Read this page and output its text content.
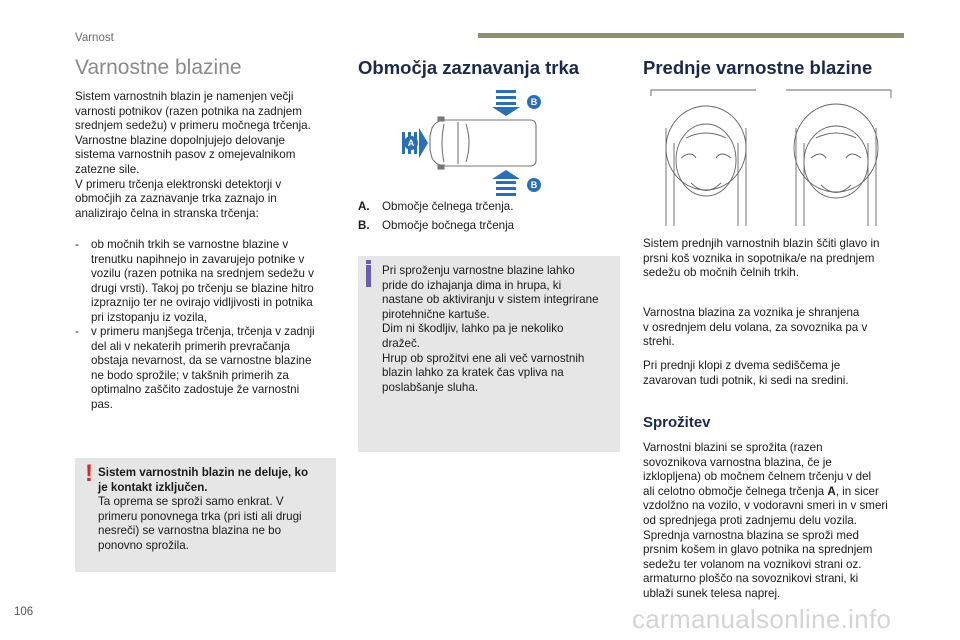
Varnost
Varnostne blazine

Sistem varnostnih blazin je namenjen večji
varnosti potnikov (razen potnika na zadnjem
srednjem sedežu) v primeru močnega trčenja.
Varnostne blazine dopolnjujejo delovanje
sistema varnostnih pasov z omejevalnikom
zatezne sile.
V primeru trčenja elektronski detektorji v
območjih za zaznavanje trka zaznajo in
analizirajo čelna in stranska trčenja:

- ob močnih trkih se varnostne blazine v
trenutku napihnejo in zavarujejo potnike v
vozilu (razen potnika na srednjem sedežu v
drugi vrsti). Takoj po trčenju se blazine hitro
izpraznijo ter ne ovirajo vidljivosti in potnika
pri izstopanju iz vozila,
- v primeru manjšega trčenja, trčenja v zadnji
del ali v nekaterih primerih prevračanja
obstaja nevarnost, da se varnostne blazine
ne bodo sprožile; v takšnih primerih za
optimalno zaščito zadostuje že varnostni
pas.
! Sistem varnostnih blazin ne deluje, ko
je kontakt izključen.
Ta oprema se sproži samo enkrat. V
primeru ponovnega trka (pri isti ali drugi
nesreči) se varnostna blazina ne bo
ponovno sprožila.
Območja zaznavanja trka
B
B
A
A. Območje čelnega trčenja.
B. Območje bočnega trčenja
Pri sproženju varnostne blazine lahko
pride do izhajanja dima in hrupa, ki
nastane ob aktiviranju v sistem integrirane
pirotehnične kartuše.
Dim ni škodljiv, lahko pa je nekoliko
dražeč.
Hrup ob sprožitvi ene ali več varnostnih
blazin lahko za kratek čas vpliva na
poslabšanje sluha.
Prednje varnostne blazine

Sistem prednjih varnostnih blazin ščiti glavo in
prsni koš voznika in sopotnika/e na prednjem
sedežu ob močnih čelnih trkih.

Varnostna blazina za voznika je shranjena
v osrednjem delu volana, za sovoznika pa v
strehi.

Pri prednji klopi z dvema sediščema je
zavarovan tudi potnik, ki sedi na sredini.

Sprožitev

Varnostni blazini se sprožita (razen
sovoznikova varnostna blazina, če je
izklopljena) ob močnem čelnem trčenju v del
ali celotno območje čelnega trčenja A, in sicer
vzdolžno na vozilo, v vodoravni smeri in v smeri
od sprednjega proti zadnjemu delu vozila.
Sprednja varnostna blazina se sproži med
prsnim košem in glavo potnika na sprednjem
sedežu ter volanom na voznikovi strani oz.
armaturno ploščo na sovoznikovi strani, ki
ublaži sunek telesa naprej.

106	carmanualsonline.info
